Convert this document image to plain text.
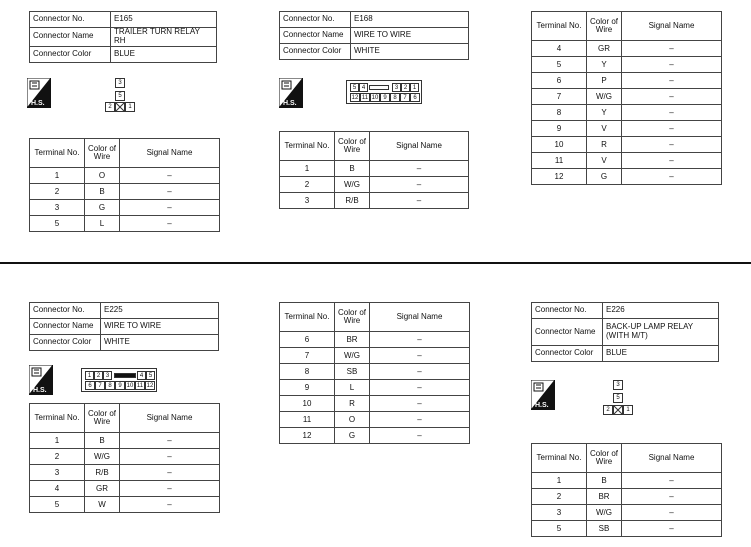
Connector No.	E165
Connector Name	TRAILER TURN RELAY RH
Connector Color	BLUE
H.S.
3
5
2	1
Terminal No.	Color of Wire	Signal Name
1	O	–
2	B	–
3	G	–
5	L	–
Connector No.	E168
Connector Name	WIRE TO WIRE
Connector Color	WHITE
H.S.
5 4	3 2 1
12 11 10 9	8	7	6
Terminal No.	Color of Wire	Signal Name
1	B	–
2	W/G	–
3	R/B	–
Terminal No.	Color of Wire	Signal Name
4	GR	–
5	Y	–
6	P	–
7	W/G	–
8	Y	–
9	V	–
10	R	–
11	V	–
12	G	–
Connector No.	E225
Connector Name	WIRE TO WIRE
Connector Color	WHITE
H.S.
1 2 3	4 5
6	7	8	9 10 11 12
Terminal No.	Color of Wire	Signal Name
1	B	–
2	W/G	–
3	R/B	–
4	GR	–
5	W	–
Terminal No.	Color of Wire	Signal Name
6	BR	–
7	W/G	–
8	SB	–
9	L	–
10	R	–
11	O	–
12	G	–
Connector No.	E226
Connector Name	BACK-UP LAMP RELAY (WITH M/T)
Connector Color	BLUE
H.S.
3
5
2	1
Terminal No.	Color of Wire	Signal Name
1	B	–
2	BR	–
3	W/G	–
5	SB	–
